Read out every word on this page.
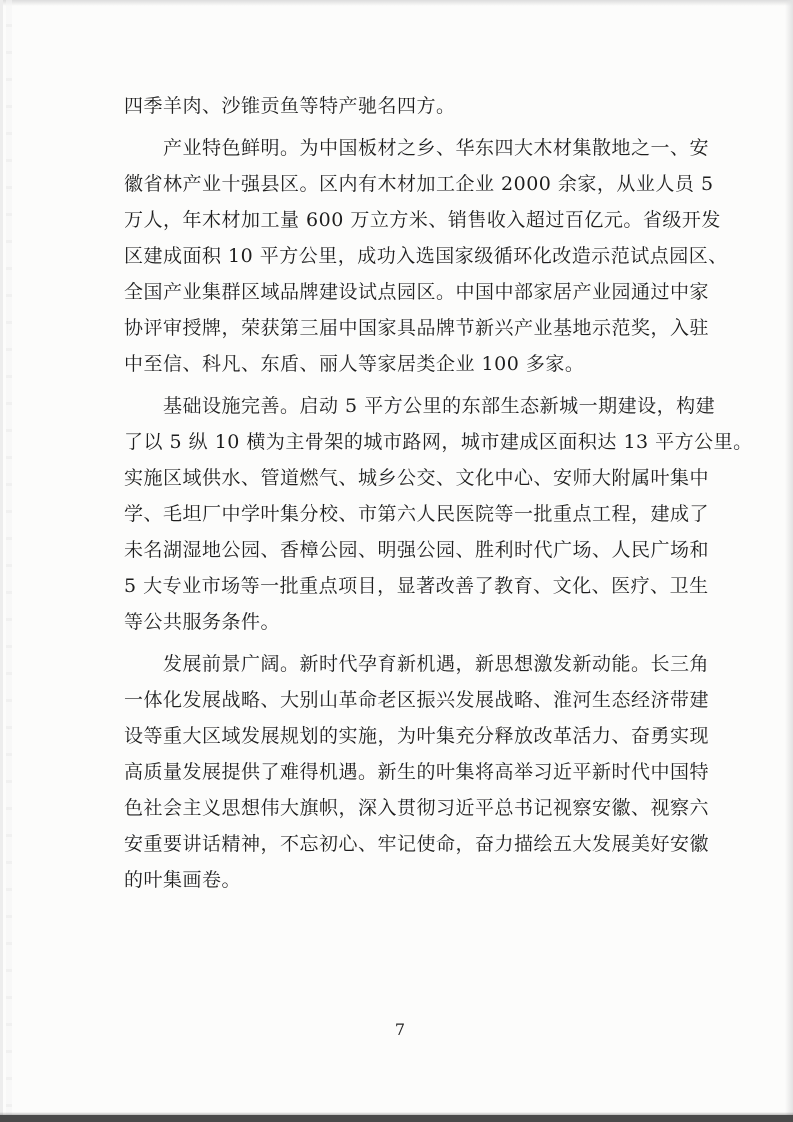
四季羊肉、沙锥贡鱼等特产驰名四方。
　　产业特色鲜明。为中国板材之乡、华东四大木材集散地之一、安
徽省林产业十强县区。区内有木材加工企业 2000 余家，从业人员 5
万人，年木材加工量 600 万立方米、销售收入超过百亿元。省级开发
区建成面积 10 平方公里，成功入选国家级循环化改造示范试点园区、
全国产业集群区域品牌建设试点园区。中国中部家居产业园通过中家
协评审授牌，荣获第三届中国家具品牌节新兴产业基地示范奖，入驻
中至信、科凡、东盾、丽人等家居类企业 100 多家。
　　基础设施完善。启动 5 平方公里的东部生态新城一期建设，构建
了以 5 纵 10 横为主骨架的城市路网，城市建成区面积达 13 平方公里。
实施区域供水、管道燃气、城乡公交、文化中心、安师大附属叶集中
学、毛坦厂中学叶集分校、市第六人民医院等一批重点工程，建成了
未名湖湿地公园、香樟公园、明强公园、胜利时代广场、人民广场和
5 大专业市场等一批重点项目，显著改善了教育、文化、医疗、卫生
等公共服务条件。
　　发展前景广阔。新时代孕育新机遇，新思想激发新动能。长三角
一体化发展战略、大别山革命老区振兴发展战略、淮河生态经济带建
设等重大区域发展规划的实施，为叶集充分释放改革活力、奋勇实现
高质量发展提供了难得机遇。新生的叶集将高举习近平新时代中国特
色社会主义思想伟大旗帜，深入贯彻习近平总书记视察安徽、视察六
安重要讲话精神，不忘初心、牢记使命，奋力描绘五大发展美好安徽
的叶集画卷。
7
